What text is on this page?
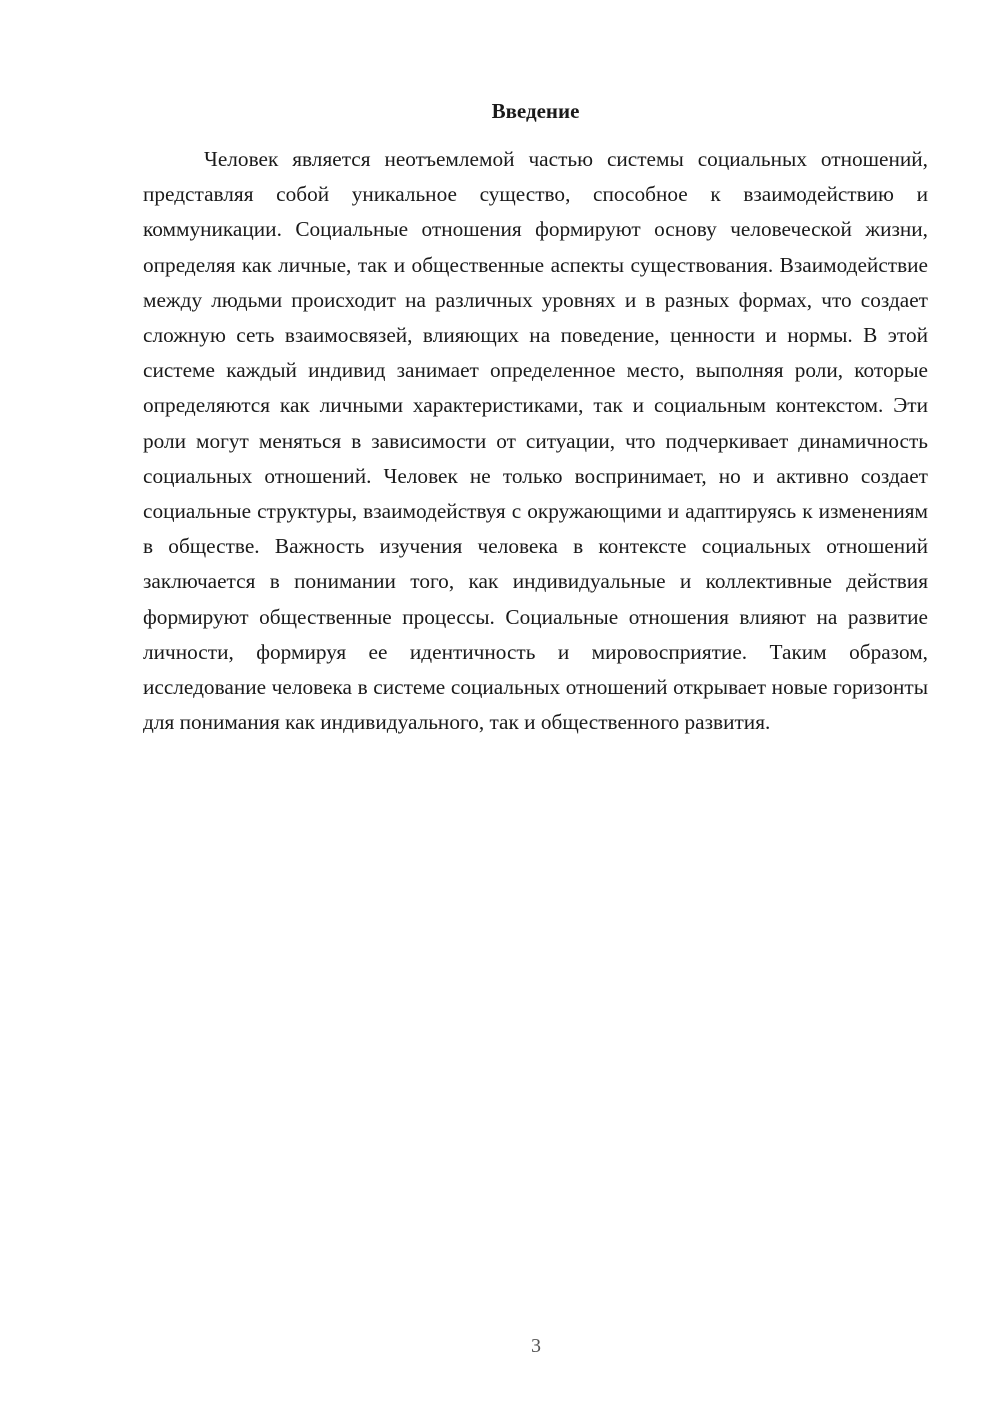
Введение

Человек является неотъемлемой частью системы социальных отношений, представляя собой уникальное существо, способное к взаимодействию и коммуникации. Социальные отношения формируют основу человеческой жизни, определяя как личные, так и общественные аспекты существования. Взаимодействие между людьми происходит на различных уровнях и в разных формах, что создает сложную сеть взаимосвязей, влияющих на поведение, ценности и нормы. В этой системе каждый индивид занимает определенное место, выполняя роли, которые определяются как личными характеристиками, так и социальным контекстом. Эти роли могут меняться в зависимости от ситуации, что подчеркивает динамичность социальных отношений. Человек не только воспринимает, но и активно создает социальные структуры, взаимодействуя с окружающими и адаптируясь к изменениям в обществе. Важность изучения человека в контексте социальных отношений заключается в понимании того, как индивидуальные и коллективные действия формируют общественные процессы. Социальные отношения влияют на развитие личности, формируя ее идентичность и мировосприятие. Таким образом, исследование человека в системе социальных отношений открывает новые горизонты для понимания как индивидуального, так и общественного развития.

3
